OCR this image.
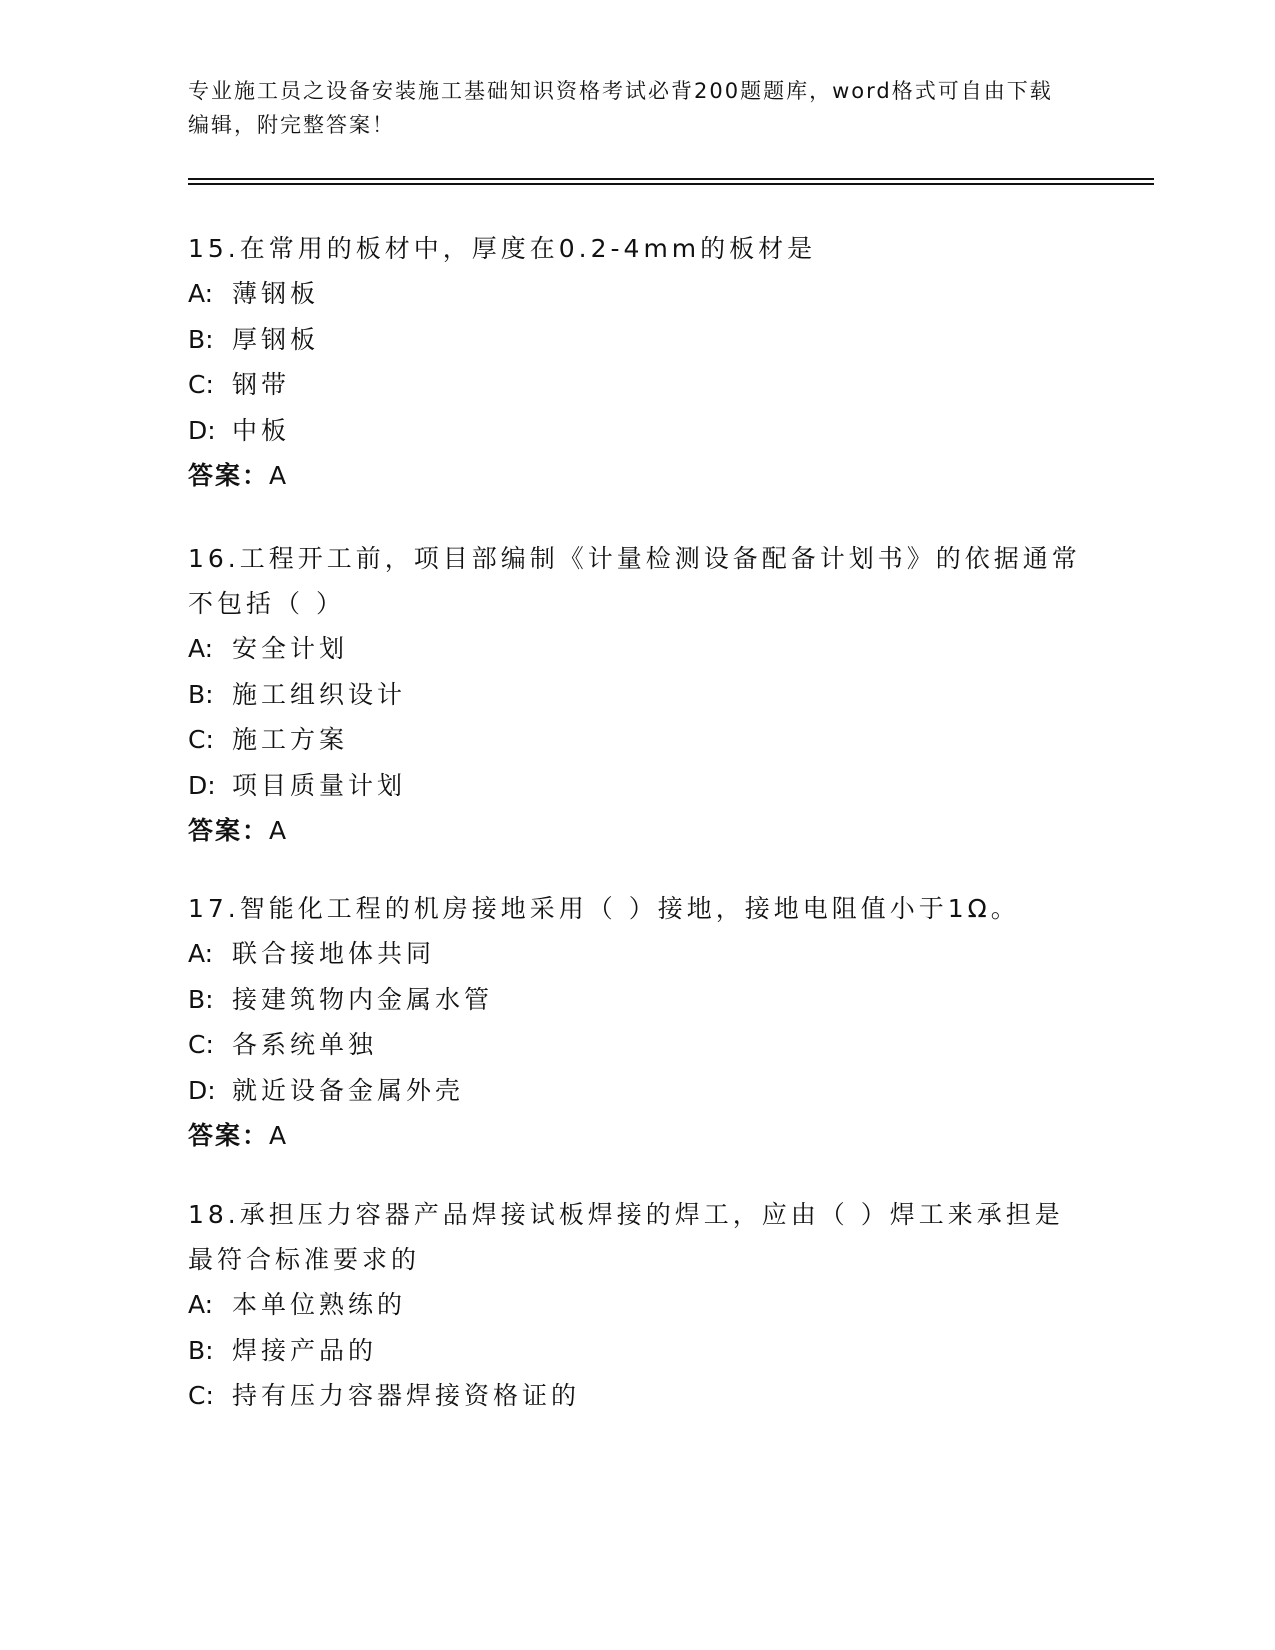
专业施工员之设备安装施工基础知识资格考试必背200题题库，word格式可自由下载编辑，附完整答案！

15.在常用的板材中，厚度在0.2-4mm的板材是

A: 薄钢板

B: 厚钢板

C: 钢带

D: 中板

答案：A

16.工程开工前，项目部编制《计量检测设备配备计划书》的依据通常不包括（ ）

A: 安全计划

B: 施工组织设计

C: 施工方案

D: 项目质量计划

答案：A

17.智能化工程的机房接地采用（ ）接地，接地电阻值小于1Ω。

A: 联合接地体共同

B: 接建筑物内金属水管

C: 各系统单独

D: 就近设备金属外壳

答案：A

18.承担压力容器产品焊接试板焊接的焊工，应由（ ）焊工来承担是最符合标准要求的

A: 本单位熟练的

B: 焊接产品的

C: 持有压力容器焊接资格证的
